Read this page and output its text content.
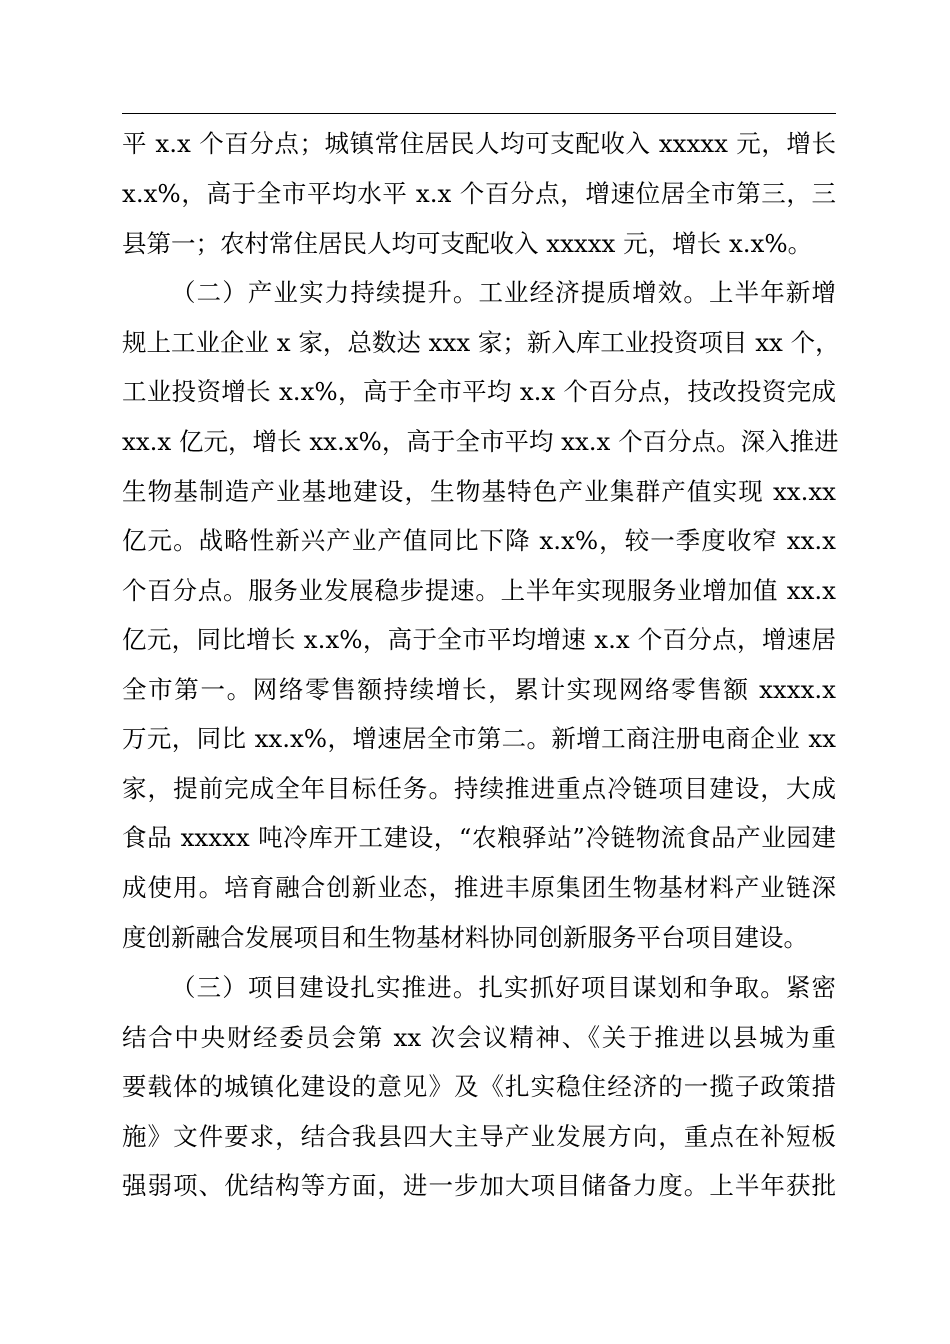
平 x.x 个百分点；城镇常住居民人均可支配收入 xxxxx 元，增长
x.x%，高于全市平均水平 x.x 个百分点，增速位居全市第三，三
县第一；农村常住居民人均可支配收入 xxxxx 元，增长 x.x%。
（二）产业实力持续提升。工业经济提质增效。上半年新增
规上工业企业 x 家，总数达 xxx 家；新入库工业投资项目 xx 个，
工业投资增长 x.x%，高于全市平均 x.x 个百分点，技改投资完成
xx.x 亿元，增长 xx.x%，高于全市平均 xx.x 个百分点。深入推进
生物基制造产业基地建设，生物基特色产业集群产值实现 xx.xx
亿元。战略性新兴产业产值同比下降 x.x%，较一季度收窄 xx.x
个百分点。服务业发展稳步提速。上半年实现服务业增加值 xx.x
亿元，同比增长 x.x%，高于全市平均增速 x.x 个百分点，增速居
全市第一。网络零售额持续增长，累计实现网络零售额 xxxx.x
万元，同比 xx.x%，增速居全市第二。新增工商注册电商企业 xx
家，提前完成全年目标任务。持续推进重点冷链项目建设，大成
食品 xxxxx 吨冷库开工建设，“农粮驿站”冷链物流食品产业园建
成使用。培育融合创新业态，推进丰原集团生物基材料产业链深
度创新融合发展项目和生物基材料协同创新服务平台项目建设。
（三）项目建设扎实推进。扎实抓好项目谋划和争取。紧密
结合中央财经委员会第 xx 次会议精神、《关于推进以县城为重
要载体的城镇化建设的意见》及《扎实稳住经济的一揽子政策措
施》文件要求，结合我县四大主导产业发展方向，重点在补短板
强弱项、优结构等方面，进一步加大项目储备力度。上半年获批
